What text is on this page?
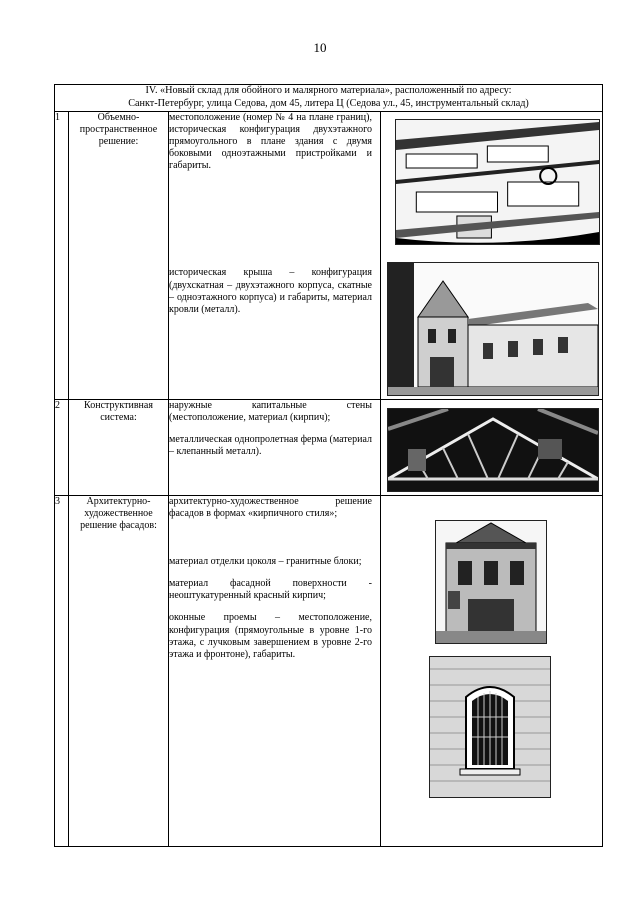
10
IV. «Новый склад для обойного и малярного материала», расположенный по адресу:
Санкт-Петербург, улица Седова, дом 45, литера Ц (Седова ул., 45, инструментальный склад)			

1	Объемно-пространственное решение:	местоположение (номер № 4 на плане границ), историческая конфигурация двухэтажного прямоугольного в плане здания с двумя боковыми одноэтажными пристройками и габариты.
историческая крыша – конфигурация (двухскатная – двухэтажного корпуса, скатные – одноэтажного корпуса) и габариты, материал кровли (металл).

2	Конструктивная система:	наружные капитальные стены (местоположение, материал (кирпич);
металлическая однопролетная ферма (материал – клепанный металл).

3	Архитектурно-художественное решение фасадов:	архитектурно-художественное решение фасадов в формах «кирпичного стиля»;
материал отделки цоколя – гранитные блоки;
материал фасадной поверхности - неоштукатуренный красный кирпич;
оконные проемы – местоположение, конфигурация (прямоугольные в уровне 1-го этажа, с лучковым завершением в уровне 2-го этажа и фронтоне), габариты.
